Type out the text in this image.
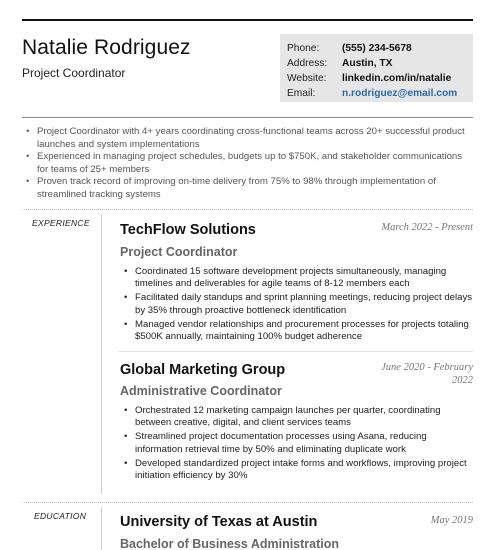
Natalie Rodriguez
Project Coordinator
Phone:	(555) 234-5678
Address:	Austin, TX
Website:	linkedin.com/in/natalie
Email:	n.rodriguez@email.com
• Project Coordinator with 4+ years coordinating cross-functional teams across 20+ successful product launches and system implementations
• Experienced in managing project schedules, budgets up to $750K, and stakeholder communications for teams of 25+ members
• Proven track record of improving on-time delivery from 75% to 98% through implementation of streamlined tracking systems
EXPERIENCE TechFlow Solutions	March 2022 - Present
Project Coordinator
• Coordinated 15 software development projects simultaneously, managing timelines and deliverables for agile teams of 8-12 members each
• Facilitated daily standups and sprint planning meetings, reducing project delays by 35% through proactive bottleneck identification
• Managed vendor relationships and procurement processes for projects totaling $500K annually, maintaining 100% budget adherence
Global Marketing Group	June 2020 - February
2022
Administrative Coordinator
• Orchestrated 12 marketing campaign launches per quarter, coordinating between creative, digital, and client services teams
• Streamlined project documentation processes using Asana, reducing information retrieval time by 50% and eliminating duplicate work
• Developed standardized project intake forms and workflows, improving project initiation efficiency by 30%
EDUCATION University of Texas at Austin	May 2019
Bachelor of Business Administration
